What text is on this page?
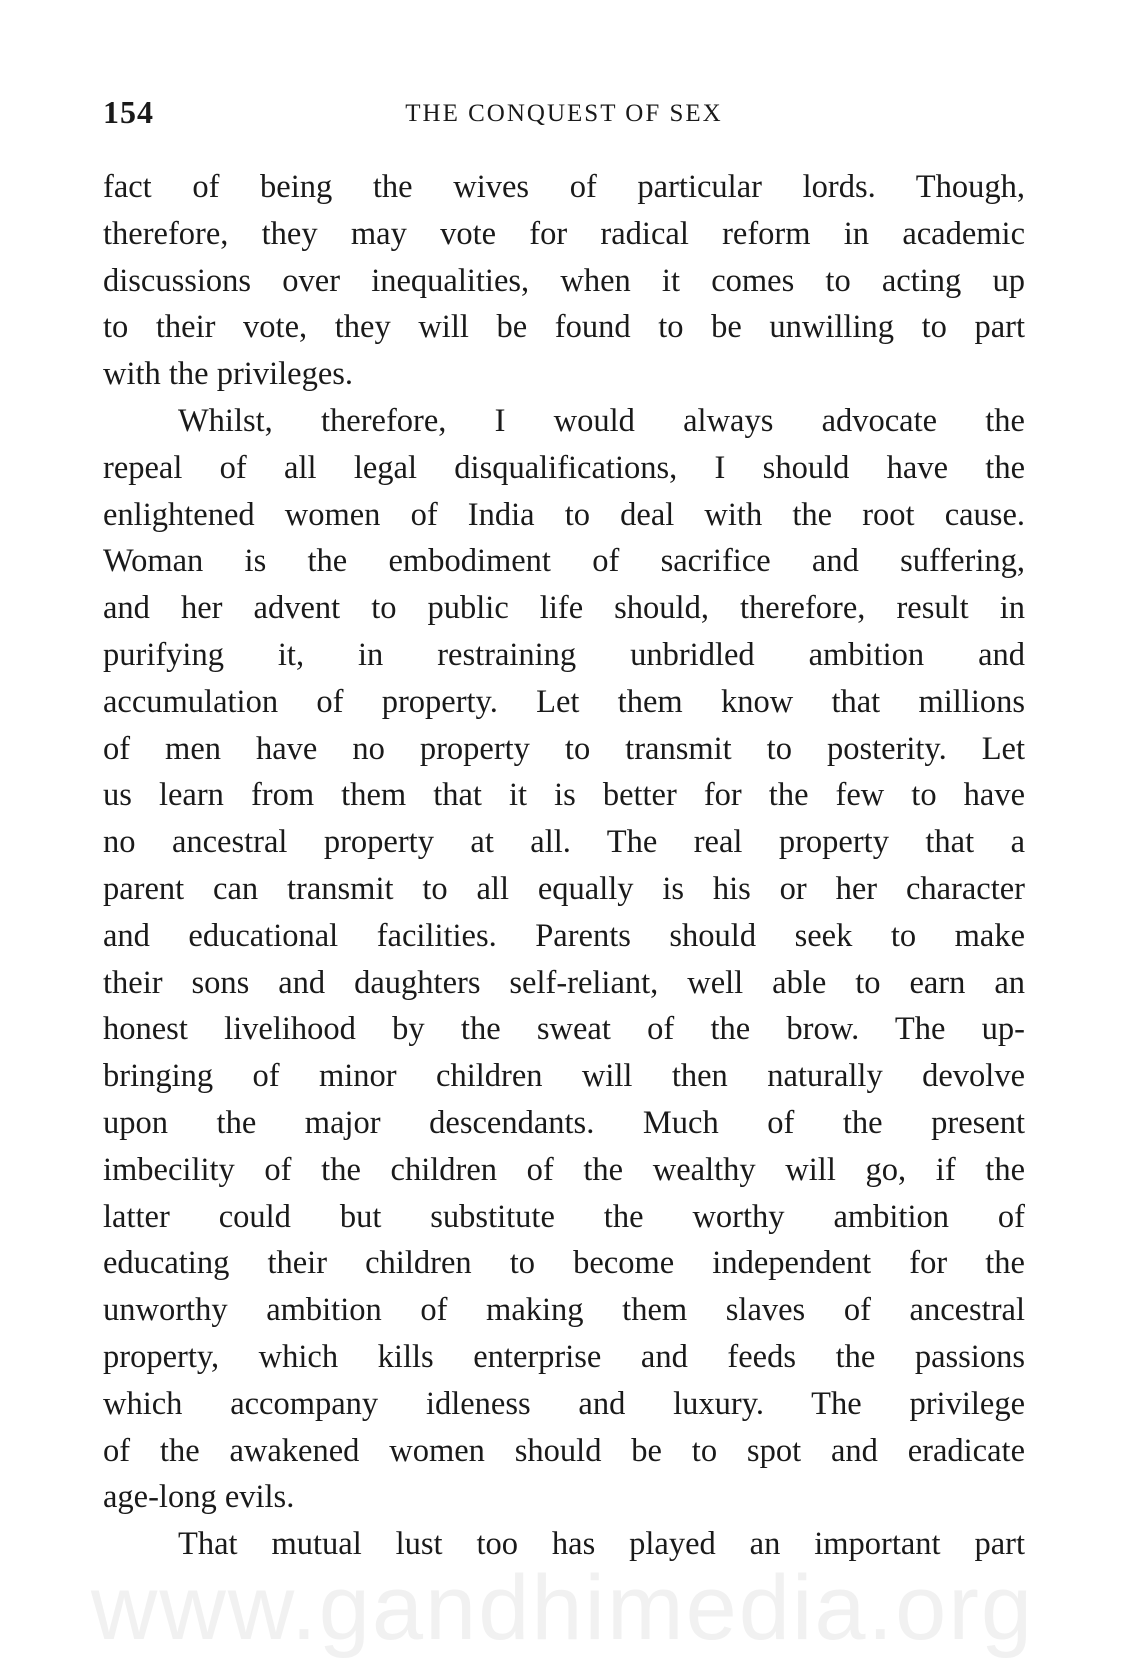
154	THE CONQUEST OF SEX
fact of being the wives of particular lords. Though,
therefore, they may vote for radical reform in academic
discussions over inequalities, when it comes to acting up
to their vote, they will be found to be unwilling to part
with the privileges.
Whilst, therefore, I would always advocate the
repeal of all legal disqualifications, I should have the
enlightened women of India to deal with the root cause.
Woman is the embodiment of sacrifice and suffering,
and her advent to public life should, therefore, result in
purifying it, in restraining unbridled ambition and
accumulation of property. Let them know that millions
of men have no property to transmit to posterity. Let
us learn from them that it is better for the few to have
no ancestral property at all. The real property that a
parent can transmit to all equally is his or her character
and educational facilities. Parents should seek to make
their sons and daughters self-reliant, well able to earn an
honest livelihood by the sweat of the brow. The up-
bringing of minor children will then naturally devolve
upon the major descendants. Much of the present
imbecility of the children of the wealthy will go, if the
latter could but substitute the worthy ambition of
educating their children to become independent for the
unworthy ambition of making them slaves of ancestral
property, which kills enterprise and feeds the passions
which accompany idleness and luxury. The privilege
of the awakened women should be to spot and eradicate
age-long evils.
That mutual lust too has played an important part
www.gandhimedia.org
